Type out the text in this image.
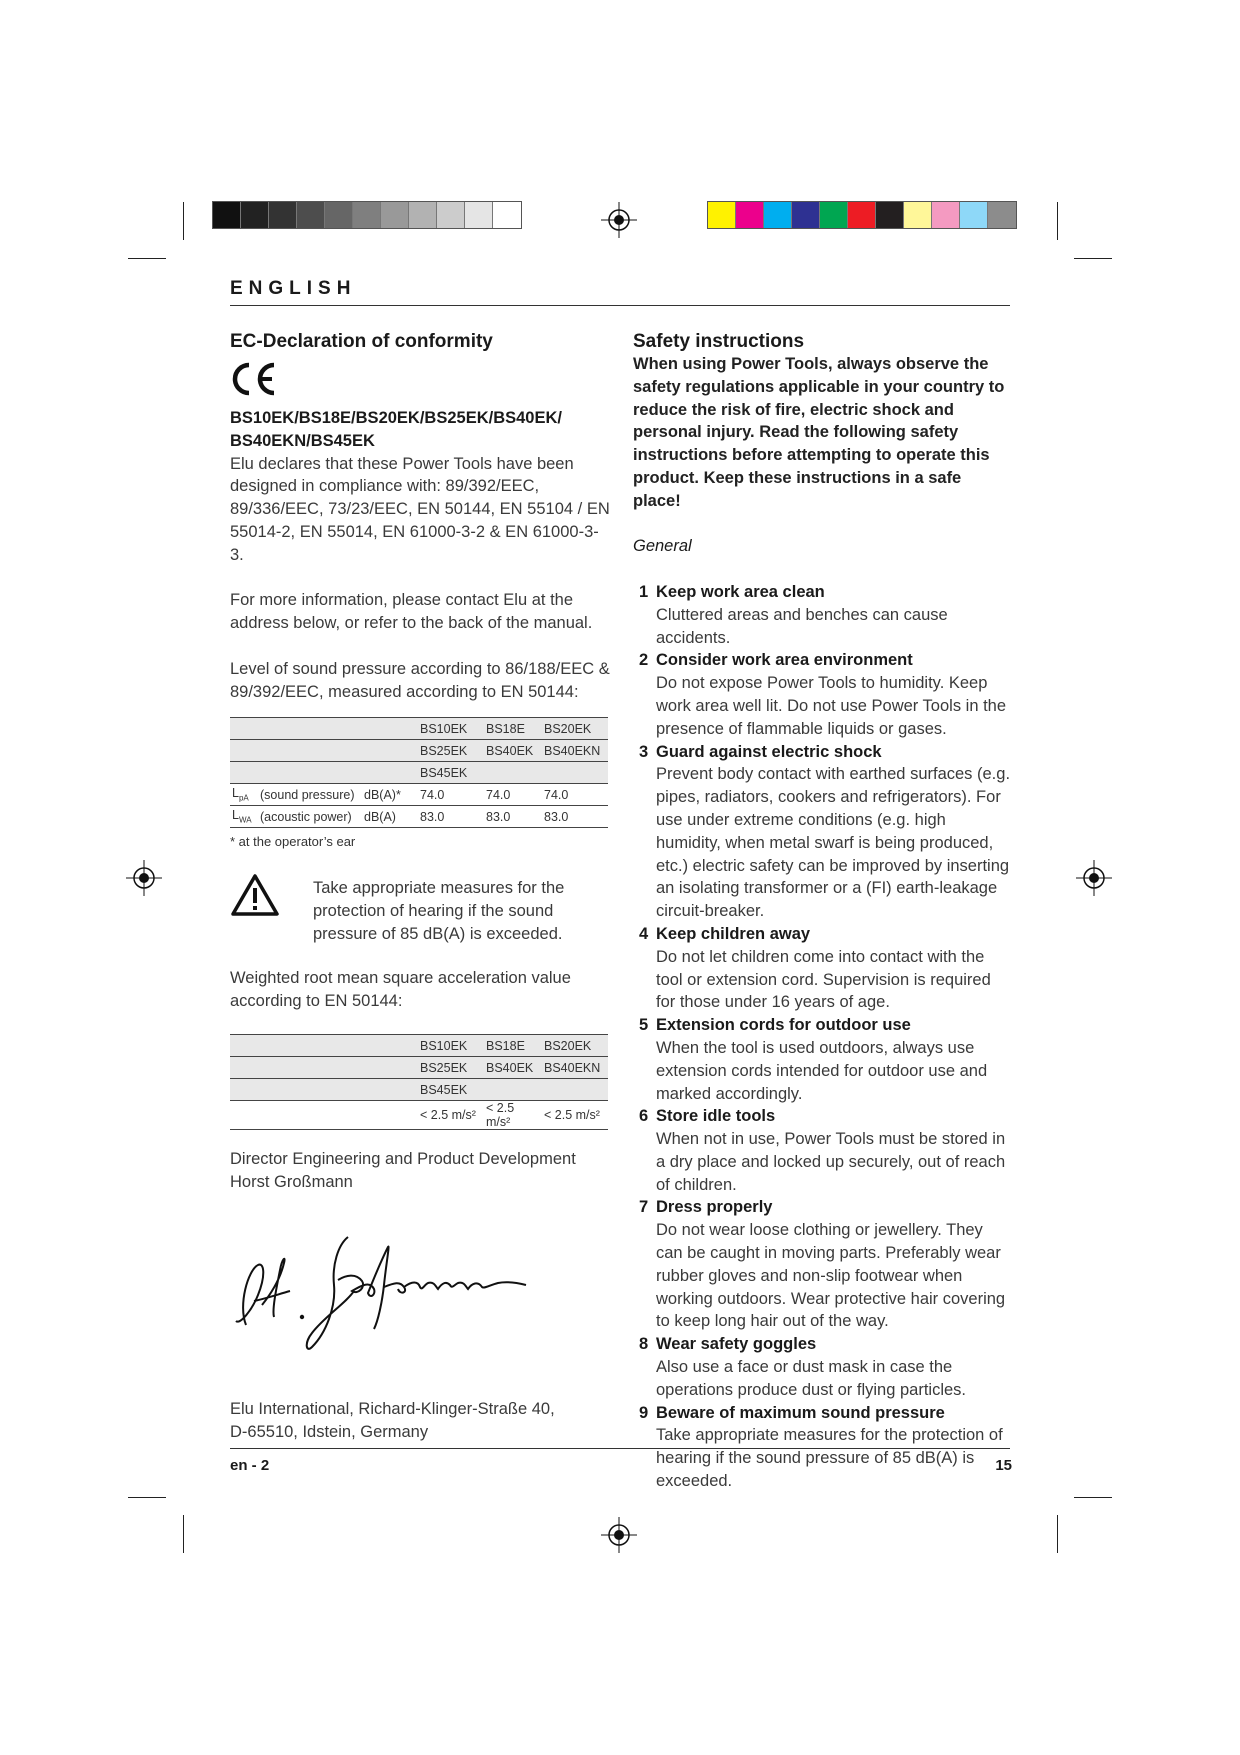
ENGLISH

EC-Declaration of conformity

BS10EK/BS18E/BS20EK/BS25EK/BS40EK/
BS40EKN/BS45EK

Elu declares that these Power Tools have been designed in compliance with: 89/392/EEC, 89/336/EEC, 73/23/EEC, EN 50144, EN 55104 / EN 55014-2, EN 55014, EN 61000-3-2 & EN 61000-3-3.

For more information, please contact Elu at the address below, or refer to the back of the manual.

Level of sound pressure according to 86/188/EEC & 89/392/EEC, measured according to EN 50144:

BS10EK				BS18E	BS20EK
BS25EK				BS40EK	BS40EKN
BS45EK					
$L_{pA}$	(sound pressure)	dB(A)*	74.0	74.0	74.0
$L_{WA}$	(acoustic power)	dB(A)	83.0	83.0	83.0
* at the operator’s ear
Take appropriate measures for the protection of hearing if the sound pressure of 85 dB(A) is exceeded.
Weighted root mean square acceleration value according to EN 50144:
	BS10EK	BS18E	BS20EK
	BS25EK	BS40EK	BS40EKN
	BS45EK		
	< 2.5 m/s²	< 2.5 m/s²	< 2.5 m/s²

Director Engineering and Product Development

Horst Großmann

H. Großmann

Elu International, Richard-Klinger-Straße 40,

D-65510, Idstein, Germany

Safety instructions

When using Power Tools, always observe the safety regulations applicable in your country to reduce the risk of fire, electric shock and personal injury. Read the following safety instructions before attempting to operate this product. Keep these instructions in a safe place!

General

1 Keep work area clean
Cluttered areas and benches can cause accidents.
2 Consider work area environment
Do not expose Power Tools to humidity. Keep work area well lit. Do not use Power Tools in the presence of flammable liquids or gases.
3 Guard against electric shock
Prevent body contact with earthed surfaces (e.g. pipes, radiators, cookers and refrigerators). For use under extreme conditions (e.g. high humidity, when metal swarf is being produced, etc.) electric safety can be improved by inserting an isolating transformer or a (FI) earth-leakage circuit-breaker.
4 Keep children away
Do not let children come into contact with the tool or extension cord. Supervision is required for those under 16 years of age.
5 Extension cords for outdoor use
When the tool is used outdoors, always use extension cords intended for outdoor use and marked accordingly.
6 Store idle tools
When not in use, Power Tools must be stored in a dry place and locked up securely, out of reach of children.
7 Dress properly
Do not wear loose clothing or jewellery. They can be caught in moving parts. Preferably wear rubber gloves and non-slip footwear when working outdoors. Wear protective hair covering to keep long hair out of the way.
8 Wear safety goggles
Also use a face or dust mask in case the operations produce dust or flying particles.
9 Beware of maximum sound pressure
Take appropriate measures for the protection of hearing if the sound pressure of 85 dB(A) is exceeded.
en - 2	15
